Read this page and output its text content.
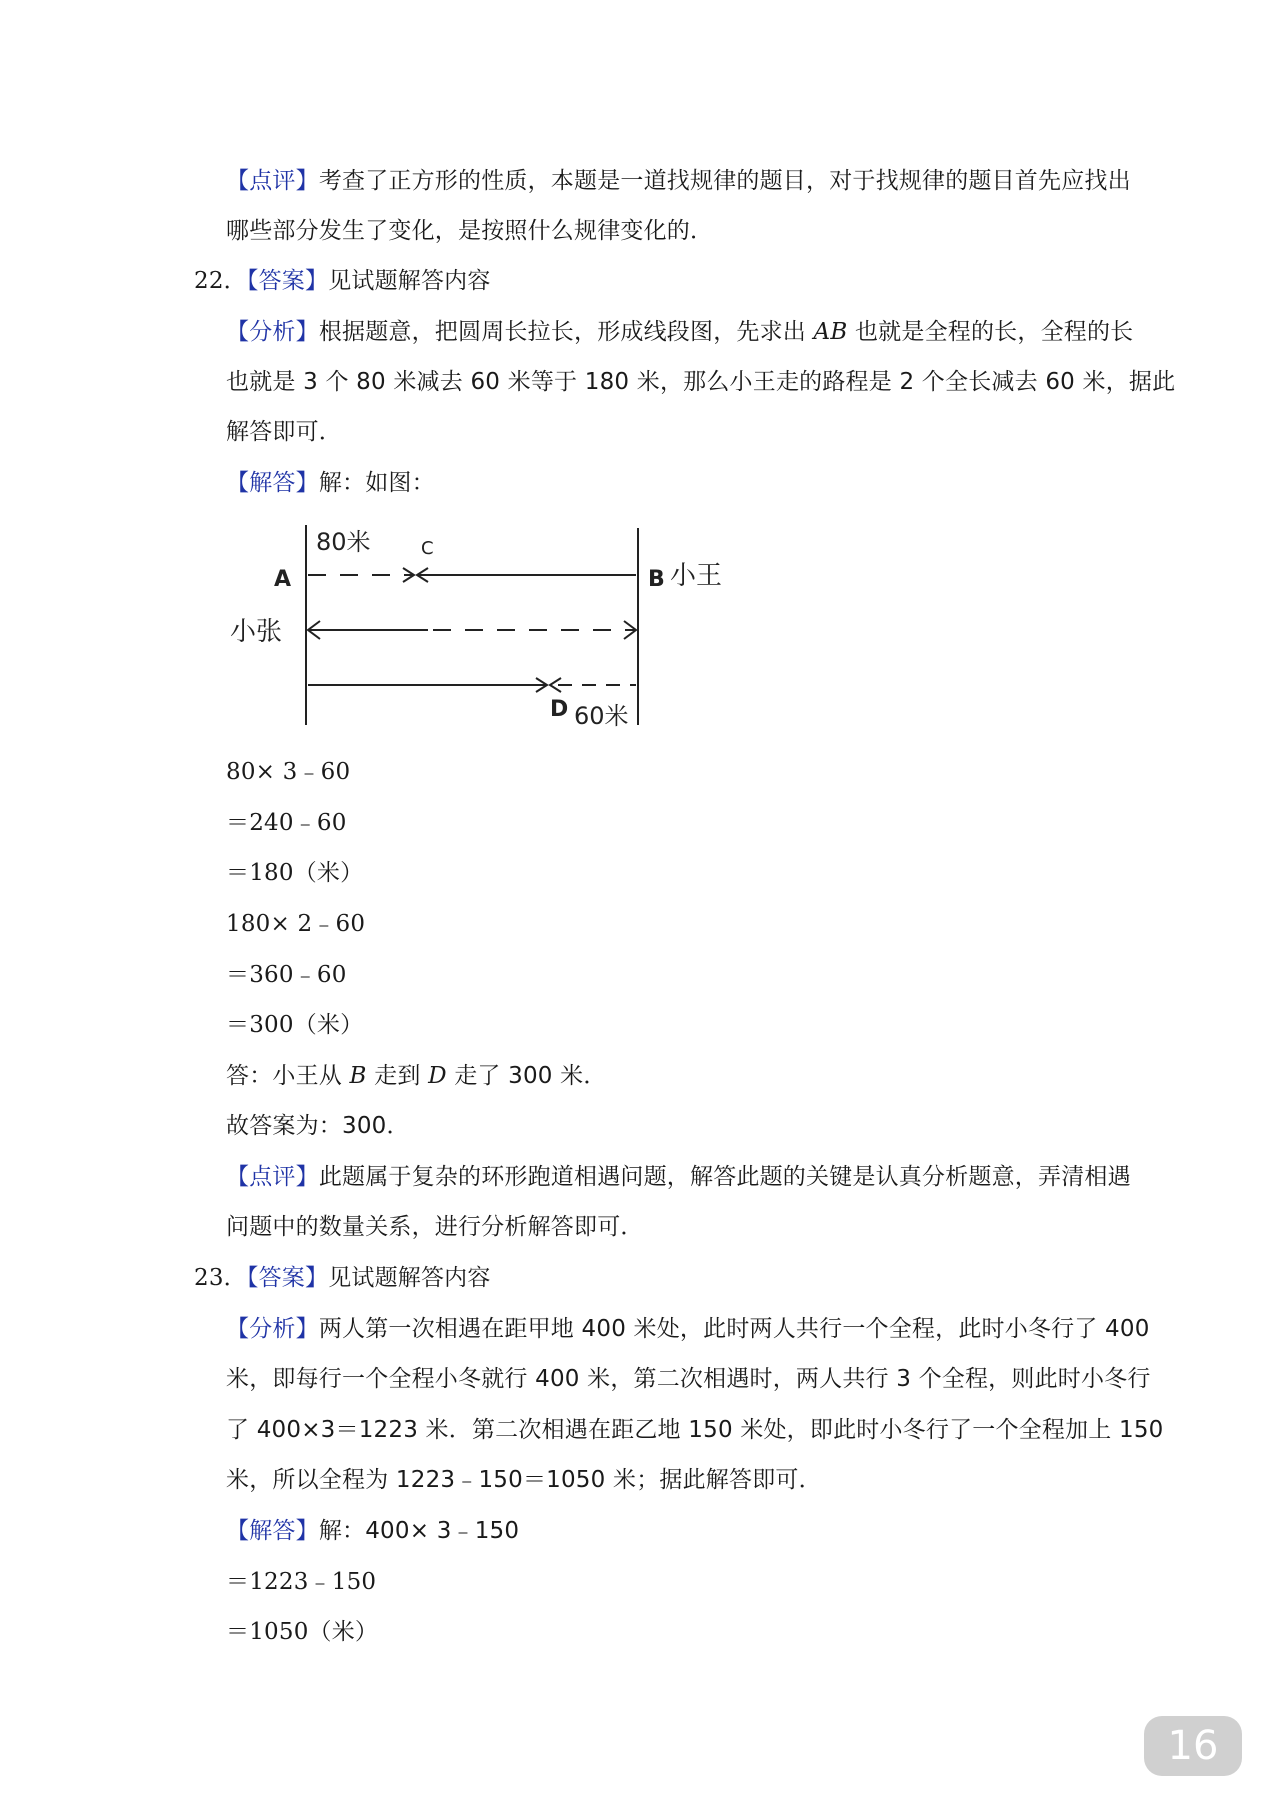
【点评】考查了正方形的性质，本题是一道找规律的题目，对于找规律的题目首先应找出
哪些部分发生了变化，是按照什么规律变化的．
22．【答案】见试题解答内容
【分析】根据题意，把圆周长拉长，形成线段图，先求出 AB 也就是全程的长，全程的长
也就是 3 个 80 米减去 60 米等于 180 米，那么小王走的路程是 2 个全长减去 60 米，据此
解答即可．
【解答】解：如图：
80米	C
A	B 小王
小张
D 60米
80× 3﹣60
＝240﹣60
＝180（米）
180× 2﹣60
＝360﹣60
＝300（米）
答：小王从 B 走到 D 走了 300 米．
故答案为：300．
【点评】此题属于复杂的环形跑道相遇问题，解答此题的关键是认真分析题意，弄清相遇
问题中的数量关系，进行分析解答即可．
23．【答案】见试题解答内容
【分析】两人第一次相遇在距甲地 400 米处，此时两人共行一个全程，此时小冬行了 400
米，即每行一个全程小冬就行 400 米，第二次相遇时，两人共行 3 个全程，则此时小冬行
了 400×3＝1223 米．第二次相遇在距乙地 150 米处，即此时小冬行了一个全程加上 150
米，所以全程为 1223﹣150＝1050 米；据此解答即可．
【解答】解：400× 3﹣150
＝1223﹣150
＝1050（米）
16
